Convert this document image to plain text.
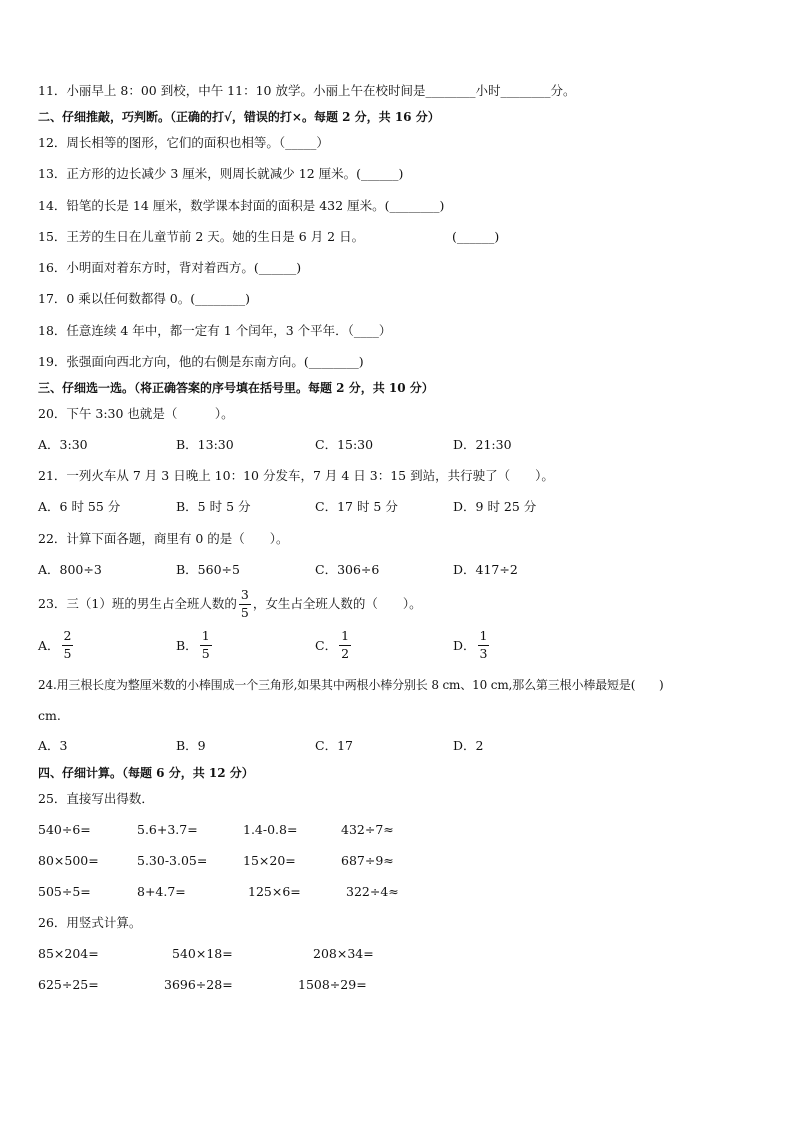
11．小丽早上 8：00 到校，中午 11：10 放学。小丽上午在校时间是________小时________分。
二、仔细推敲，巧判断。（正确的打√，错误的打×。每题 2 分，共 16 分）
12．周长相等的图形，它们的面积也相等。（_____）
13．正方形的边长减少 3 厘米，则周长就减少 12 厘米。(______)
14．铅笔的长是 14 厘米，数学课本封面的面积是 432 厘米。(________)
15．王芳的生日在儿童节前 2 天。她的生日是 6 月 2 日。	(______)
16．小明面对着东方时，背对着西方。(______)
17．0 乘以任何数都得 0。(________)
18．任意连续 4 年中，都一定有 1 个闰年，3 个平年．（____）
19．张强面向西北方向，他的右侧是东南方向。(________)
三、仔细选一选。（将正确答案的序号填在括号里。每题 2 分，共 10 分）
20．下午 3:30 也就是（　　　）。
A．3:30	B．13:30	C．15:30	D．21:30
21．一列火车从 7 月 3 日晚上 10：10 分发车，7 月 4 日 3：15 到站，共行驶了（　　）。
A．6 时 55 分	B．5 时 5 分	C．17 时 5 分	D．9 时 25 分
22．计算下面各题，商里有 0 的是（　　）。
A．800÷3	B．560÷5	C．306÷6	D．417÷2
23．三（1）班的男生占全班人数的 $\frac{3}{5}$ ，女生占全班人数的（　　）。
A． $\frac{2}{5}$	B． $\frac{1}{5}$	C． $\frac{1}{2}$	D． $\frac{1}{3}$
24.用三根长度为整厘米数的小棒围成一个三角形,如果其中两根小棒分别长 8 cm、10 cm,那么第三根小棒最短是(　　)
cm.
A．3	B．9	C．17	D．2
四、仔细计算。（每题 6 分，共 12 分）
25．直接写出得数．
540÷6=	5.6+3.7=	1.4-0.8=	432÷7≈
80×500=	5.30-3.05=	15×20=	687÷9≈
505÷5=	8+4.7=	125×6=	322÷4≈
26．用竖式计算。
85×204=	540×18=	208×34=
625÷25=	3696÷28=	1508÷29=
